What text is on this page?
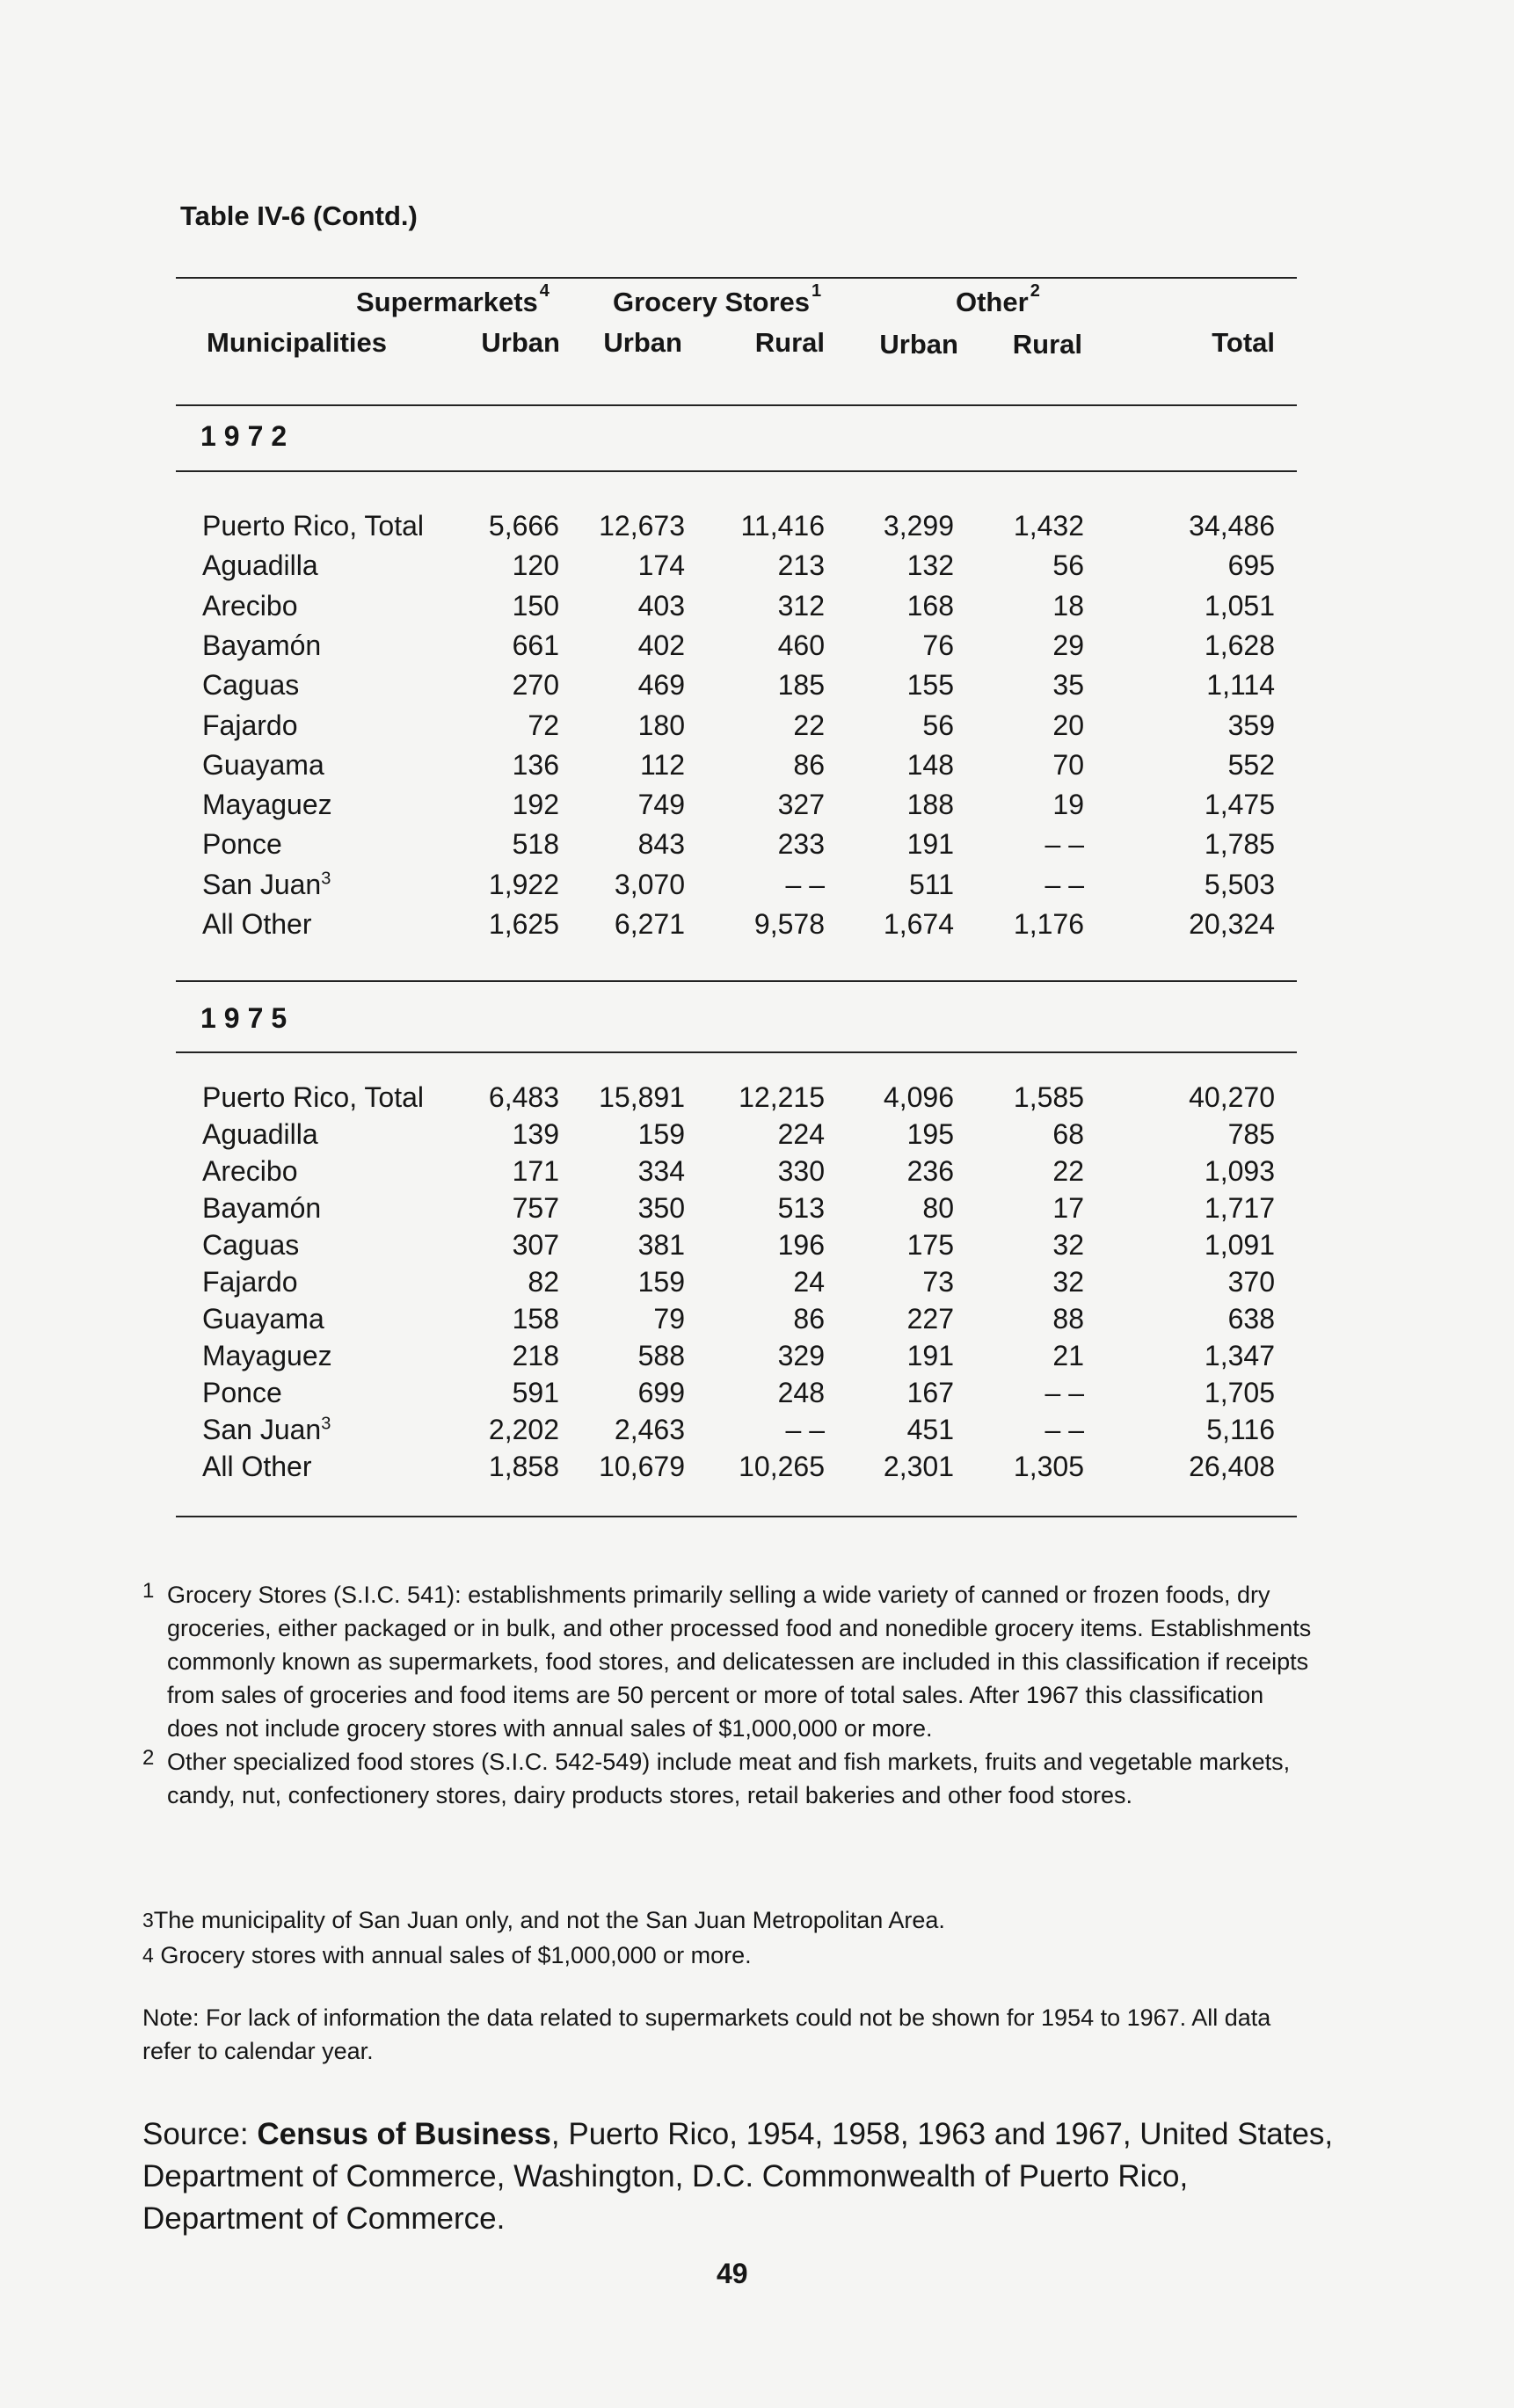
Table IV-6 (Contd.)
Supermarkets $^4$ Grocery Stores $^1$	Other $^2$
Municipalities	Urban Urban	Rural Urban Rural	Total
1972
Puerto Rico, Total 5,666 12,673 11,416 3,299 1,432	34,486
Aguadilla	120	174	213	132	56	695
Arecibo	150	403	312	168	18	1,051
Bayamón	661	402	460	76	29	1,628
Caguas	270	469	185	155	35	1,114
Fajardo	72	180	22	56	20	359
Guayama	136	112	86	148	70	552
Mayaguez	192	749	327	188	19	1,475
Ponce	518	843	233	191	– –	1,785
San Juan$^3$	1,922 3,070	– –	511	– –	5,503
All Other	1,625 6,271 9,578 1,674 1,176	20,324
1975
Puerto Rico, Total 6,483 15,891 12,215 4,096 1,585	40,270
Aguadilla	139	159	224	195	68	785
Arecibo	171	334	330	236	22	1,093
Bayamón	757	350	513	80	17	1,717
Caguas	307	381	196	175	32	1,091
Fajardo	82	159	24	73	32	370
Guayama	158	79	86	227	88	638
Mayaguez	218	588	329	191	21	1,347
Ponce	591	699	248	167	– –	1,705
San Juan$^3$	2,202 2,463	– –	451	– –	5,116
All Other	1,858 10,679 10,265 2,301 1,305	26,408

1 Grocery Stores (S.I.C. 541): establishments primarily selling a wide variety of canned or frozen foods, dry groceries, either packaged or in bulk, and other processed food and nonedible grocery items. Establishments commonly known as supermarkets, food stores, and delicatessen are included in this classification if receipts from sales of groceries and food items are 50 percent or more of total sales. After 1967 this classification does not include grocery stores with annual sales of $1,000,000 or more.

2 Other specialized food stores (S.I.C. 542-549) include meat and fish markets, fruits and vegetable markets, candy, nut, confectionery stores, dairy products stores, retail bakeries and other food stores.

3The municipality of San Juan only, and not the San Juan Metropolitan Area.
4 Grocery stores with annual sales of $1,000,000 or more.
Note: For lack of information the data related to supermarkets could not be shown for 1954 to 1967. All data refer to calendar year.
Source: Census of Business, Puerto Rico, 1954, 1958, 1963 and 1967, United States, Department of Commerce, Washington, D.C. Commonwealth of Puerto Rico, Department of Commerce.
49
